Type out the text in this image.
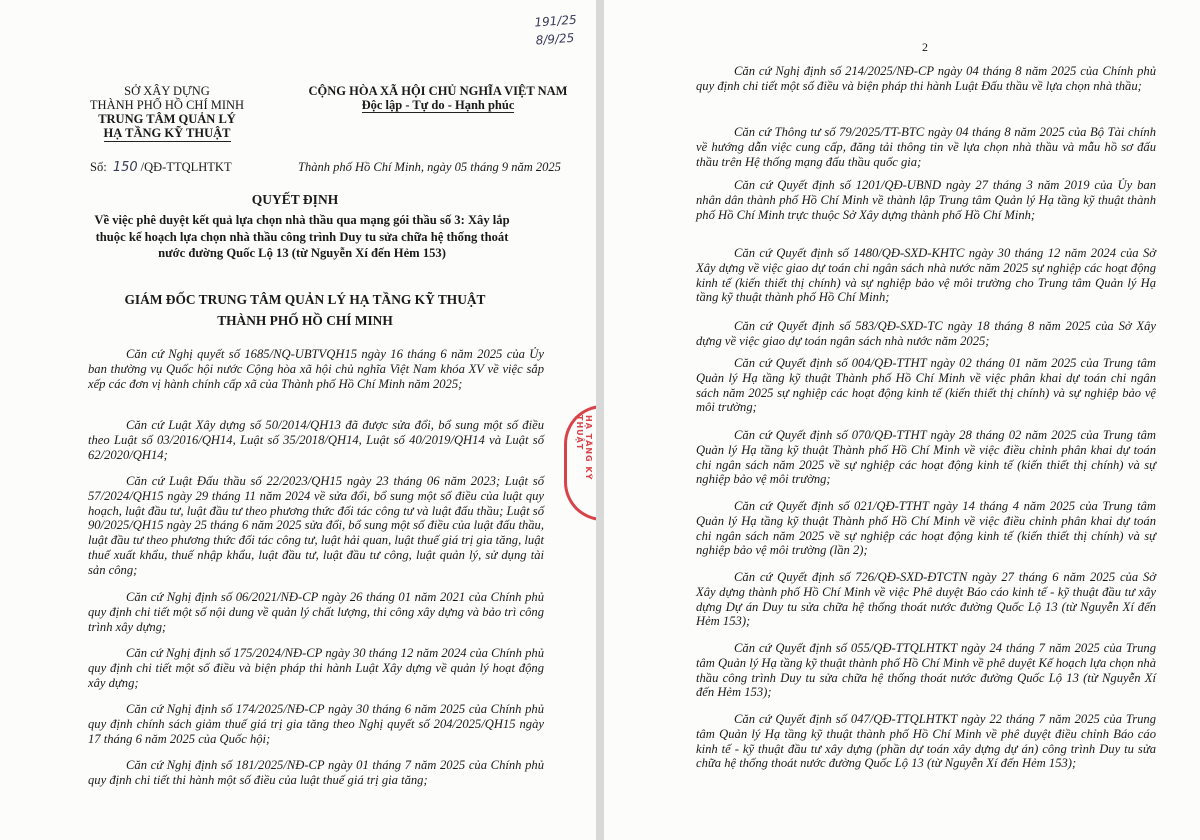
191/25
8/9/25
SỞ XÂY DỰNG
THÀNH PHỐ HỒ CHÍ MINH
TRUNG TÂM QUẢN LÝ
HẠ TẦNG KỸ THUẬT
CỘNG HÒA XÃ HỘI CHỦ NGHĨA VIỆT NAM
Độc lập - Tự do - Hạnh phúc
Số: 150 /QĐ-TTQLHTKT	Thành phố Hồ Chí Minh, ngày 05 tháng 9 năm 2025
QUYẾT ĐỊNH
Về việc phê duyệt kết quả lựa chọn nhà thầu qua mạng gói thầu số 3: Xây lắp thuộc kế hoạch lựa chọn nhà thầu công trình Duy tu sửa chữa hệ thống thoát nước đường Quốc Lộ 13 (từ Nguyễn Xí đến Hẻm 153)
GIÁM ĐỐC TRUNG TÂM QUẢN LÝ HẠ TẦNG KỸ THUẬT
THÀNH PHỐ HỒ CHÍ MINH

Căn cứ Nghị quyết số 1685/NQ-UBTVQH15 ngày 16 tháng 6 năm 2025 của Ủy ban thường vụ Quốc hội nước Cộng hòa xã hội chủ nghĩa Việt Nam khóa XV về việc sắp xếp các đơn vị hành chính cấp xã của Thành phố Hồ Chí Minh năm 2025;

Căn cứ Luật Xây dựng số 50/2014/QH13 đã được sửa đổi, bổ sung một số điều theo Luật số 03/2016/QH14, Luật số 35/2018/QH14, Luật số 40/2019/QH14 và Luật số 62/2020/QH14;

Căn cứ Luật Đấu thầu số 22/2023/QH15 ngày 23 tháng 06 năm 2023; Luật số 57/2024/QH15 ngày 29 tháng 11 năm 2024 về sửa đổi, bổ sung một số điều của luật quy hoạch, luật đầu tư, luật đầu tư theo phương thức đối tác công tư và luật đấu thầu; Luật số 90/2025/QH15 ngày 25 tháng 6 năm 2025 sửa đổi, bổ sung một số điều của luật đấu thầu, luật đầu tư theo phương thức đối tác công tư, luật hải quan, luật thuế giá trị gia tăng, luật thuế xuất khẩu, thuế nhập khẩu, luật đầu tư, luật đầu tư công, luật quản lý, sử dụng tài sản công;

Căn cứ Nghị định số 06/2021/NĐ-CP ngày 26 tháng 01 năm 2021 của Chính phủ quy định chi tiết một số nội dung về quản lý chất lượng, thi công xây dựng và bảo trì công trình xây dựng;

Căn cứ Nghị định số 175/2024/NĐ-CP ngày 30 tháng 12 năm 2024 của Chính phủ quy định chi tiết một số điều và biện pháp thi hành Luật Xây dựng về quản lý hoạt động xây dựng;

Căn cứ Nghị định số 174/2025/NĐ-CP ngày 30 tháng 6 năm 2025 của Chính phủ quy định chính sách giảm thuế giá trị gia tăng theo Nghị quyết số 204/2025/QH15 ngày 17 tháng 6 năm 2025 của Quốc hội;

Căn cứ Nghị định số 181/2025/NĐ-CP ngày 01 tháng 7 năm 2025 của Chính phủ quy định chi tiết thi hành một số điều của luật thuế giá trị gia tăng;

HẠ TẦNG KỸ THUẬT
2

Căn cứ Nghị định số 214/2025/NĐ-CP ngày 04 tháng 8 năm 2025 của Chính phủ quy định chi tiết một số điều và biện pháp thi hành Luật Đấu thầu về lựa chọn nhà thầu;

Căn cứ Thông tư số 79/2025/TT-BTC ngày 04 tháng 8 năm 2025 của Bộ Tài chính về hướng dẫn việc cung cấp, đăng tải thông tin về lựa chọn nhà thầu và mẫu hồ sơ đấu thầu trên Hệ thống mạng đấu thầu quốc gia;

Căn cứ Quyết định số 1201/QĐ-UBND ngày 27 tháng 3 năm 2019 của Ủy ban nhân dân thành phố Hồ Chí Minh về thành lập Trung tâm Quản lý Hạ tầng kỹ thuật thành phố Hồ Chí Minh trực thuộc Sở Xây dựng thành phố Hồ Chí Minh;

Căn cứ Quyết định số 1480/QĐ-SXD-KHTC ngày 30 tháng 12 năm 2024 của Sở Xây dựng về việc giao dự toán chi ngân sách nhà nước năm 2025 sự nghiệp các hoạt động kinh tế (kiến thiết thị chính) và sự nghiệp bảo vệ môi trường cho Trung tâm Quản lý Hạ tầng kỹ thuật thành phố Hồ Chí Minh;

Căn cứ Quyết định số 583/QĐ-SXD-TC ngày 18 tháng 8 năm 2025 của Sở Xây dựng về việc giao dự toán ngân sách nhà nước năm 2025;

Căn cứ Quyết định số 004/QĐ-TTHT ngày 02 tháng 01 năm 2025 của Trung tâm Quản lý Hạ tầng kỹ thuật Thành phố Hồ Chí Minh về việc phân khai dự toán chi ngân sách năm 2025 sự nghiệp các hoạt động kinh tế (kiến thiết thị chính) và sự nghiệp bảo vệ môi trường;

Căn cứ Quyết định số 070/QĐ-TTHT ngày 28 tháng 02 năm 2025 của Trung tâm Quản lý Hạ tầng kỹ thuật Thành phố Hồ Chí Minh về việc điều chỉnh phân khai dự toán chi ngân sách năm 2025 về sự nghiệp các hoạt động kinh tế (kiến thiết thị chính) và sự nghiệp bảo vệ môi trường;

Căn cứ Quyết định số 021/QĐ-TTHT ngày 14 tháng 4 năm 2025 của Trung tâm Quản lý Hạ tầng kỹ thuật Thành phố Hồ Chí Minh về việc điều chỉnh phân khai dự toán chi ngân sách năm 2025 về sự nghiệp các hoạt động kinh tế (kiến thiết thị chính) và sự nghiệp bảo vệ môi trường (lần 2);

Căn cứ Quyết định số 726/QĐ-SXD-ĐTCTN ngày 27 tháng 6 năm 2025 của Sở Xây dựng thành phố Hồ Chí Minh về việc Phê duyệt Báo cáo kinh tế - kỹ thuật đầu tư xây dựng Dự án Duy tu sửa chữa hệ thống thoát nước đường Quốc Lộ 13 (từ Nguyễn Xí đến Hẻm 153);

Căn cứ Quyết định số 055/QĐ-TTQLHTKT ngày 24 tháng 7 năm 2025 của Trung tâm Quản lý Hạ tầng kỹ thuật thành phố Hồ Chí Minh về phê duyệt Kế hoạch lựa chọn nhà thầu công trình Duy tu sửa chữa hệ thống thoát nước đường Quốc Lộ 13 (từ Nguyễn Xí đến Hẻm 153);

Căn cứ Quyết định số 047/QĐ-TTQLHTKT ngày 22 tháng 7 năm 2025 của Trung tâm Quản lý Hạ tầng kỹ thuật thành phố Hồ Chí Minh về phê duyệt điều chỉnh Báo cáo kinh tế - kỹ thuật đầu tư xây dựng (phần dự toán xây dựng dự án) công trình Duy tu sửa chữa hệ thống thoát nước đường Quốc Lộ 13 (từ Nguyễn Xí đến Hẻm 153);
